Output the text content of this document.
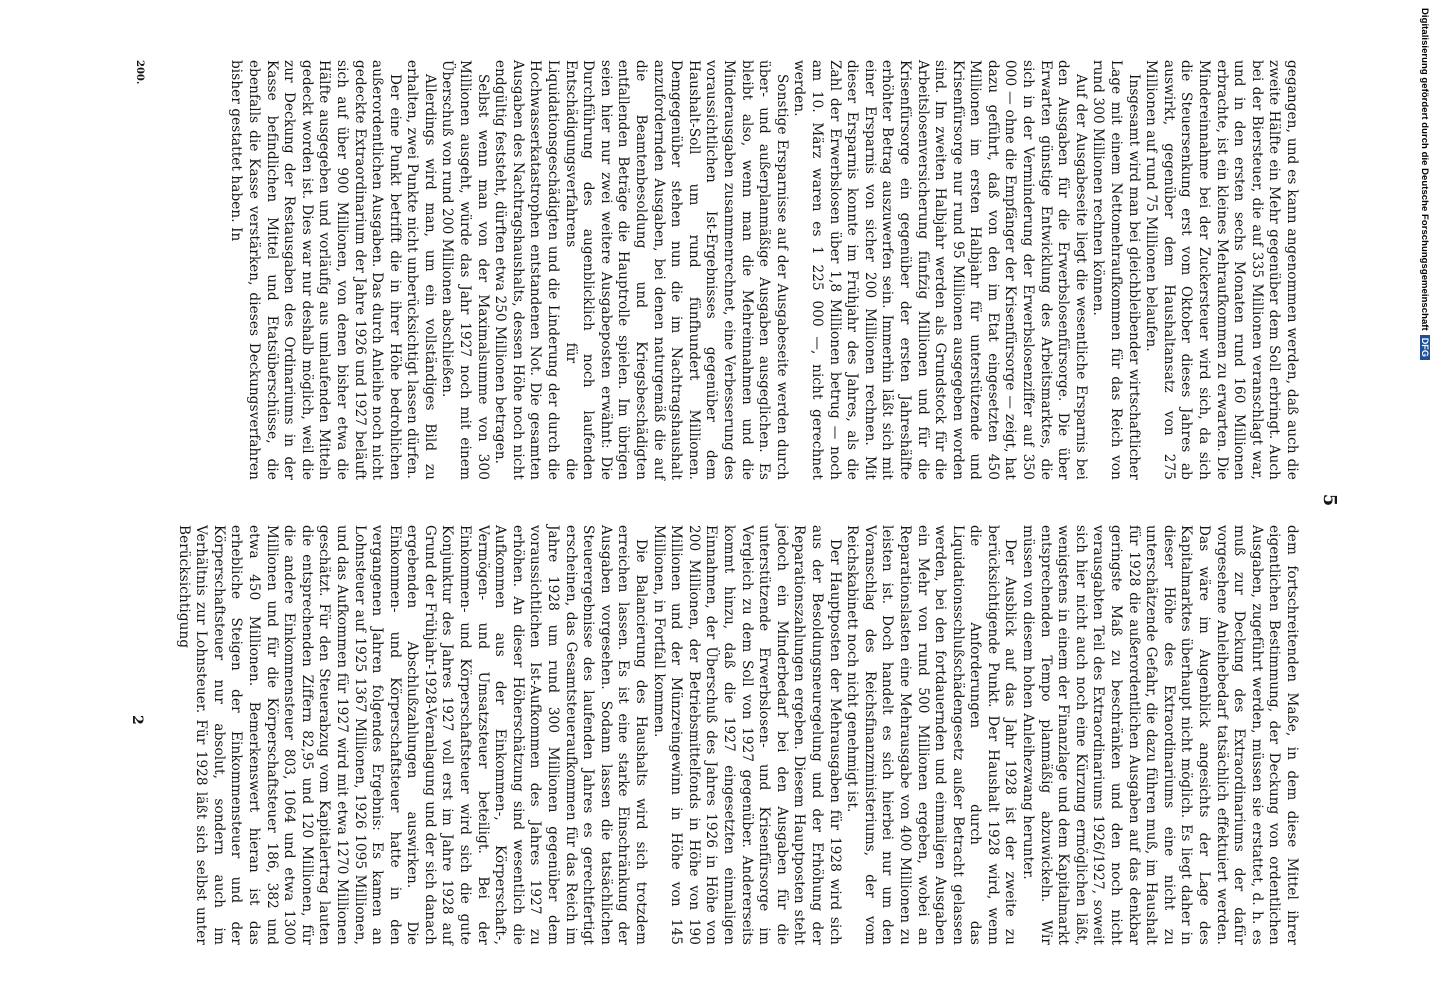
5

gegangen, und es kann angenommen werden, daß auch die zweite Hälfte ein Mehr gegenüber dem Soll erbringt. Auch bei der Biersteuer, die auf 335 Millionen veranschlagt war, und in den ersten sechs Monaten rund 160 Millionen erbrachte, ist ein kleines Mehraufkommen zu erwarten. Die Mindereinnahme bei der Zuckersteuer wird sich, da sich die Steuersenkung erst vom Oktober dieses Jahres ab auswirkt, gegenüber dem Haushaltansatz von 275 Millionen auf rund 75 Millionen belaufen.

Insgesamt wird man bei gleichbleibender wirtschaftlicher Lage mit einem Nettomehraufkommen für das Reich von rund 300 Millionen rechnen können.

Auf der Ausgabeseite liegt die wesentliche Ersparnis bei den Ausgaben für die Erwerbslosenfürsorge. Die über Erwarten günstige Entwicklung des Arbeitsmarktes, die sich in der Verminderung der Erwerbslosenziffer auf 350 000 — ohne die Empfänger der Krisenfürsorge — zeigt, hat dazu geführt, daß von den im Etat eingesetzten 450 Millionen im ersten Halbjahr für unterstützende und Krisenfürsorge nur rund 95 Millionen ausgegeben worden sind. Im zweiten Halbjahr werden als Grundstock für die Arbeitslosenversicherung fünfzig Millionen und für die Krisenfürsorge ein gegenüber der ersten Jahreshälfte erhöhter Betrag auszuwerfen sein. Immerhin läßt sich mit einer Ersparnis von sicher 200 Millionen rechnen. Mit dieser Ersparnis konnte im Frühjahr des Jahres, als die Zahl der Erwerbslosen über 1,8 Millionen betrug — noch am 10. März waren es 1 225 000 —, nicht gerechnet werden.

Sonstige Ersparnisse auf der Ausgabeseite werden durch über- und außerplanmäßige Ausgaben ausgeglichen. Es bleibt also, wenn man die Mehreinnahmen und die Minderausgaben zusammenrechnet, eine Verbesserung des voraussichtlichen Ist-Ergebnisses gegenüber dem Haushalt-Soll um rund fünfhundert Millionen. Demgegenüber stehen nun die im Nachtragshaushalt anzufordernden Ausgaben, bei denen naturgemäß die auf die Beamtenbesoldung und Kriegsbeschädigten entfallenden Beträge die Hauptrolle spielen. Im übrigen seien hier nur zwei weitere Ausgabeposten erwähnt: Die Durchführung des augenblicklich noch laufenden Entschädigungsverfahrens für die Liquidationsgeschädigten und die Linderung der durch die Hochwasserkatastrophen entstandenen Not. Die gesamten Ausgaben des Nachtragshaushalts, dessen Höhe noch nicht endgültig feststeht, dürften etwa 250 Millionen betragen.

Selbst wenn man von der Maximalsumme von 300 Millionen ausgeht, würde das Jahr 1927 noch mit einem Überschuß von rund 200 Millionen abschließen.

Allerdings wird man, um ein vollständiges Bild zu erhalten, zwei Punkte nicht unberücksichtigt lassen dürfen.

Der eine Punkt betrifft die in ihrer Höhe bedrohlichen außerordentlichen Ausgaben. Das durch Anleihe noch nicht gedeckte Extraordinarium der Jahre 1926 und 1927 beläuft sich auf über 900 Millionen, von denen bisher etwa die Hälfte ausgegeben und vorläufig aus umlaufenden Mitteln gedeckt worden ist. Dies war nur deshalb möglich, weil die zur Deckung der Restausgaben des Ordinariums in der Kasse befindlichen Mittel und Etatsüberschüsse, die ebenfalls die Kasse verstärken, dieses Deckungsverfahren bisher gestattet haben. In

dem fortschreitenden Maße, in dem diese Mittel ihrer eigentlichen Bestimmung, der Deckung von ordentlichen Ausgaben, zugeführt werden, müssen sie erstattet, d. h. es muß zur Deckung des Extraordinariums der dafür vorgesehene Anleihebedarf tatsächlich effektuiert werden. Das wäre im Augenblick angesichts der Lage des Kapitalmarktes überhaupt nicht möglich. Es liegt daher in dieser Höhe des Extraordinariums eine nicht zu unterschätzende Gefahr, die dazu führen muß, im Haushalt für 1928 die außerordentlichen Ausgaben auf das denkbar geringste Maß zu beschränken und den noch nicht verausgabten Teil des Extraordinariums 1926/1927, soweit sich hier nicht auch noch eine Kürzung ermöglichen läßt, wenigstens in einem der Finanzlage und dem Kapitalmarkt entsprechenden Tempo planmäßig abzuwickeln. Wir müssen von diesem hohen Anleihezwang herunter.

Der Ausblick auf das Jahr 1928 ist der zweite zu berücksichtigende Punkt. Der Haushalt 1928 wird, wenn die Anforderungen durch das Liquidationsschlußschädengesetz außer Betracht gelassen werden, bei den fortdauernden und einmaligen Ausgaben ein Mehr von rund 500 Millionen ergeben, wobei an Reparationslasten eine Mehrausgabe von 400 Millionen zu leisten ist. Doch handelt es sich hierbei nur um den Voranschlag des Reichsfinanzministeriums, der vom Reichskabinett noch nicht genehmigt ist.

Der Hauptposten der Mehrausgaben für 1928 wird sich aus der Besoldungsneuregelung und der Erhöhung der Reparationszahlungen ergeben. Diesem Hauptposten steht jedoch ein Minderbedarf bei den Ausgaben für die unterstützende Erwerbslosen- und Krisenfürsorge im Vergleich zu dem Soll von 1927 gegenüber. Andererseits kommt hinzu, daß die 1927 eingesetzten einmaligen Einnahmen, der Überschuß des Jahres 1926 in Höhe von 200 Millionen, der Betriebsmittelfonds in Höhe von 190 Millionen und der Münzreingewinn in Höhe von 145 Millionen, in Fortfall kommen.

Die Balancierung des Haushalts wird sich trotzdem erreichen lassen. Es ist eine starke Einschränkung der Ausgaben vorgesehen. Sodann lassen die tatsächlichen Steuerergebnisse des laufenden Jahres es gerechtfertigt erscheinen, das Gesamtsteueraufkommen für das Reich im Jahre 1928 um rund 300 Millionen gegenüber dem voraussichtlichen Ist-Aufkommen des Jahres 1927 zu erhöhen. An dieser Höherschätzung sind wesentlich die Aufkommen aus der Einkommen-, Körperschaft-, Vermögen- und Umsatzsteuer beteiligt. Bei der Einkommen- und Körperschaftsteuer wird sich die gute Konjunktur des Jahres 1927 voll erst im Jahre 1928 auf Grund der Frühjahr-1928-Veranlagung und der sich danach ergebenden Abschlußzahlungen auswirken. Die Einkommen- und Körperschaftsteuer hatte in den vergangenen Jahren folgendes Ergebnis: Es kamen an Lohnsteuer auf 1925 1367 Millionen, 1926 1095 Millionen, und das Aufkommen für 1927 wird mit etwa 1270 Millionen geschätzt. Für den Steuerabzug vom Kapitalertrag lauten die entsprechenden Ziffern 82,95 und 120 Millionen, für die andere Einkommensteuer 803, 1064 und etwa 1300 Millionen und für die Körperschaftsteuer 186, 382 und etwa 450 Millionen. Bemerkenswert hieran ist das erhebliche Steigen der Einkommensteuer und der Körperschaftsteuer nur absolut, sondern auch im Verhältnis zur Lohnsteuer. Für 1928 läßt sich selbst unter Berücksichtigung

200.
2
Digitalisierung gefördert durch die Deutsche ForschungsgemeinschaftDFG
